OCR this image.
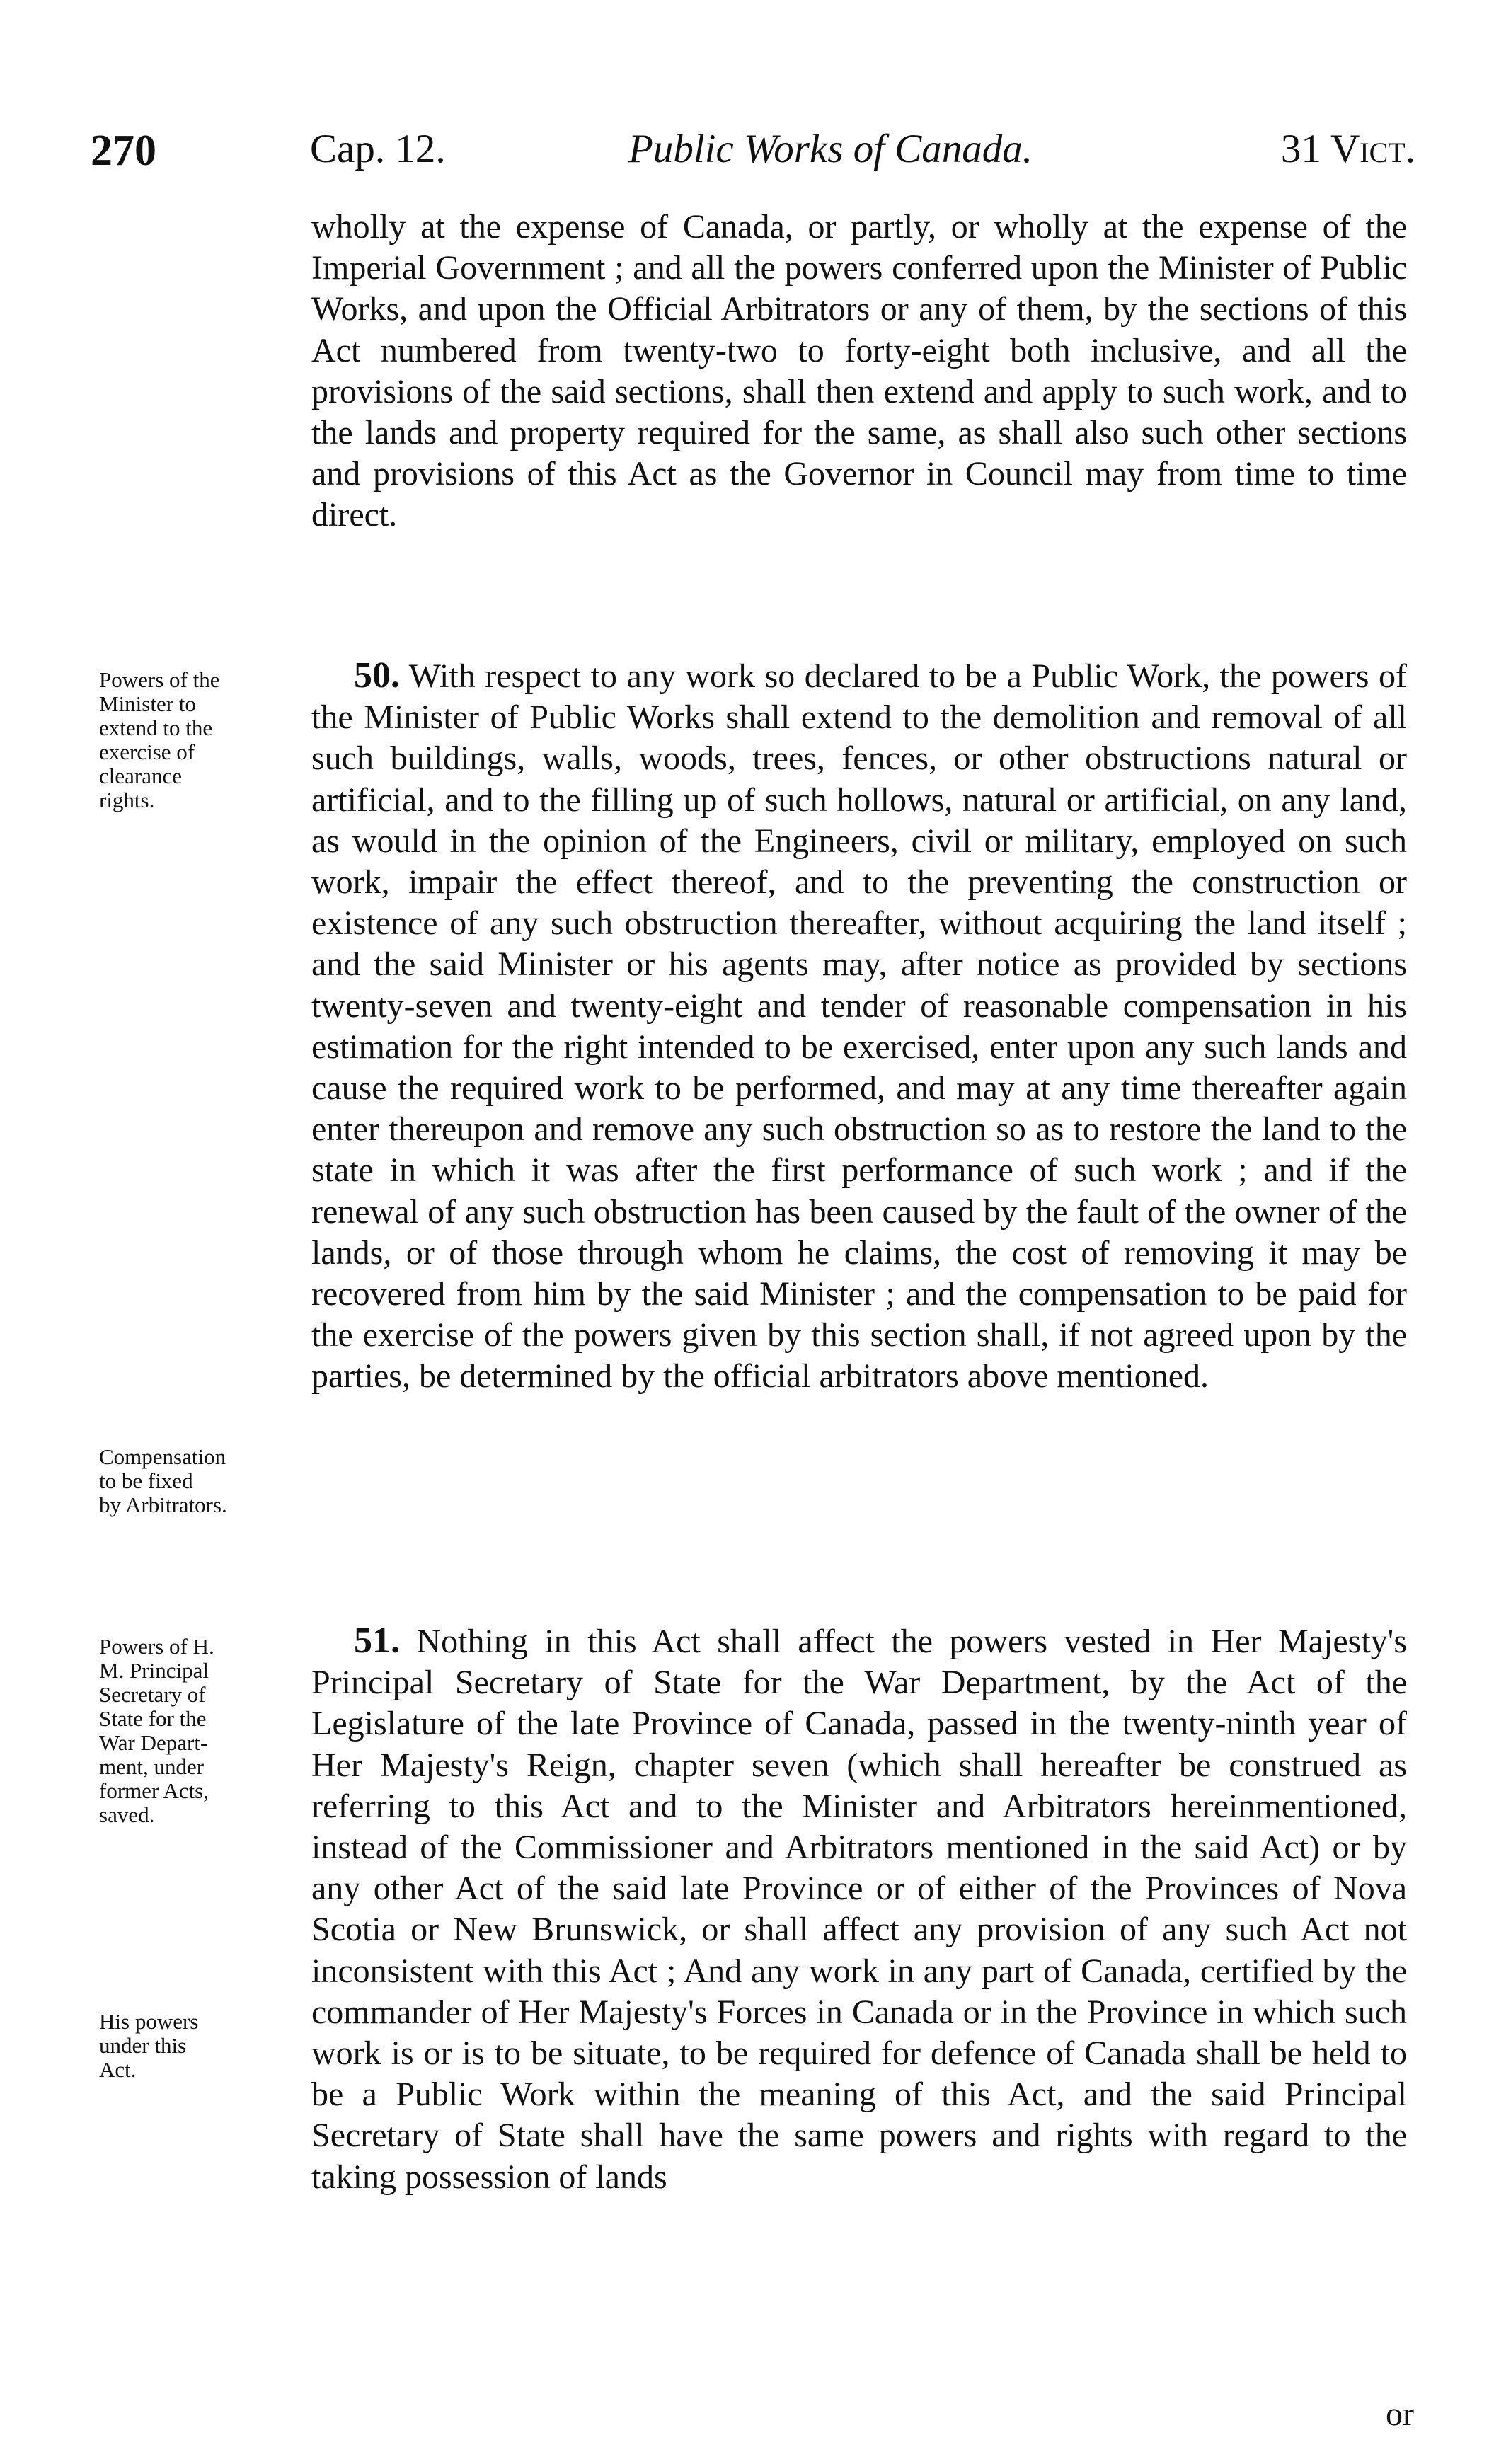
270	Cap. 12.	Public Works of Canada.	31 Vict.

wholly at the expense of Canada, or partly, or wholly at the expense of the Imperial Government ; and all the powers conferred upon the Minister of Public Works, and upon the Official Arbitrators or any of them, by the sections of this Act numbered from twenty-two to forty-eight both inclusive, and all the provisions of the said sections, shall then extend and apply to such work, and to the lands and property required for the same, as shall also such other sections and provisions of this Act as the Governor in Council may from time to time direct.

Powers of the
Minister to
extend to the
exercise of
clearance
rights.

50. With respect to any work so declared to be a Public Work, the powers of the Minister of Public Works shall extend to the demolition and removal of all such buildings, walls, woods, trees, fences, or other obstructions natural or artificial, and to the filling up of such hollows, natural or artificial, on any land, as would in the opinion of the Engineers, civil or military, employed on such work, impair the effect thereof, and to the preventing the construction or existence of any such obstruction thereafter, without acquiring the land itself ; and the said Minister or his agents may, after notice as provided by sections twenty-seven and twenty-eight and tender of reasonable compensation in his estimation for the right intended to be exercised, enter upon any such lands and cause the required work to be performed, and may at any time thereafter again enter thereupon and remove any such obstruction so as to restore the land to the state in which it was after the first performance of such work ; and if the renewal of any such obstruction has been caused by the fault of the owner of the lands, or of those through whom he claims, the cost of removing it may be recovered from him by the said Minister ; and the compensation to be paid for the exercise of the powers given by this section shall, if not agreed upon by the parties, be determined by the official arbitrators above mentioned.

Compensation
to be fixed
by Arbitrators.
Powers of H.
M. Principal
Secretary of
State for the
War Depart-
ment, under
former Acts,
saved.

51. Nothing in this Act shall affect the powers vested in Her Majesty's Principal Secretary of State for the War Department, by the Act of the Legislature of the late Province of Canada, passed in the twenty-ninth year of Her Majesty's Reign, chapter seven (which shall hereafter be construed as referring to this Act and to the Minister and Arbitrators hereinmentioned, instead of the Commissioner and Arbitrators mentioned in the said Act) or by any other Act of the said late Province or of either of the Provinces of Nova Scotia or New Brunswick, or shall affect any provision of any such Act not inconsistent with this Act ; And any work in any part of Canada, certified by the commander of Her Majesty's Forces in Canada or in the Province in which such work is or is to be situate, to be required for defence of Canada shall be held to be a Public Work within the meaning of this Act, and the said Principal Secretary of State shall have the same powers and rights with regard to the taking possession of lands

His powers
under this
Act.
or
